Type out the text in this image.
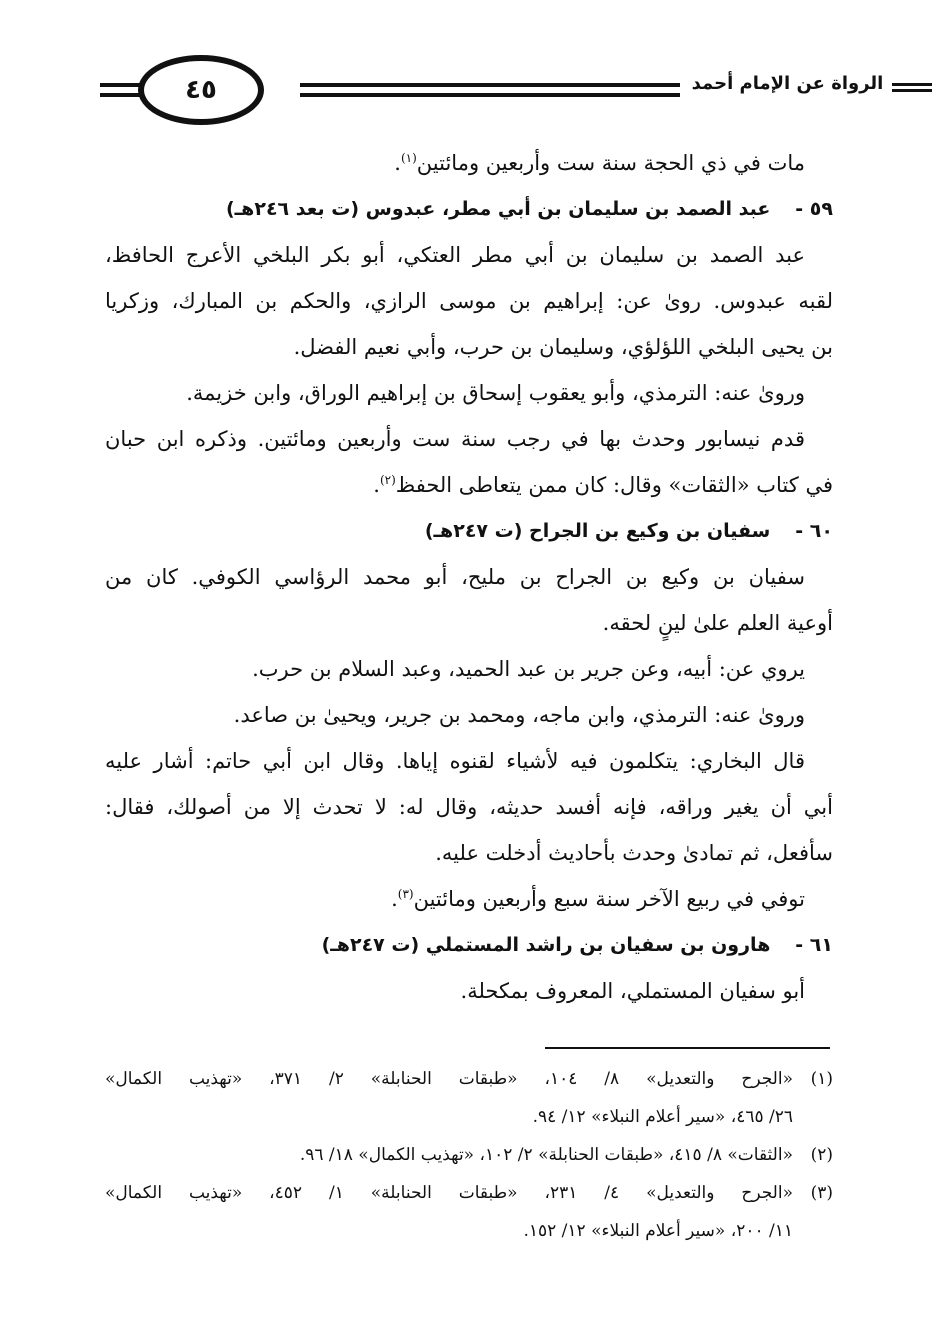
٤٥	الرواة عن الإمام أحمد
مات في ذي الحجة سنة ست وأربعين ومائتين$^{(١)}$.
٥٩ - عبد الصمد بن سليمان بن أبي مطر، عبدوس (ت بعد ٢٤٦هـ)
عبد الصمد بن سليمان بن أبي مطر العتكي، أبو بكر البلخي الأعرج الحافظ،
لقبه عبدوس. روىٰ عن: إبراهيم بن موسى الرازي، والحكم بن المبارك، وزكريا
بن يحيى البلخي اللؤلؤي، وسليمان بن حرب، وأبي نعيم الفضل.
وروىٰ عنه: الترمذي، وأبو يعقوب إسحاق بن إبراهيم الوراق، وابن خزيمة.
قدم نيسابور وحدث بها في رجب سنة ست وأربعين ومائتين. وذكره ابن حبان
في كتاب «الثقات» وقال: كان ممن يتعاطى الحفظ$^{(٢)}$.
٦٠ - سفيان بن وكيع بن الجراح (ت ٢٤٧هـ)
سفيان بن وكيع بن الجراح بن مليح، أبو محمد الرؤاسي الكوفي. كان من
أوعية العلم علىٰ لينٍ لحقه.
يروي عن: أبيه، وعن جرير بن عبد الحميد، وعبد السلام بن حرب.
وروىٰ عنه: الترمذي، وابن ماجه، ومحمد بن جرير، ويحيىٰ بن صاعد.
قال البخاري: يتكلمون فيه لأشياء لقنوه إياها. وقال ابن أبي حاتم: أشار عليه
أبي أن يغير وراقه، فإنه أفسد حديثه، وقال له: لا تحدث إلا من أصولك، فقال:
سأفعل، ثم تمادىٰ وحدث بأحاديث أدخلت عليه.
توفي في ربيع الآخر سنة سبع وأربعين ومائتين$^{(٣)}$.
٦١ - هارون بن سفيان بن راشد المستملي (ت ٢٤٧هـ)
أبو سفيان المستملي، المعروف بمكحلة.
(١)
«الجرح والتعديل» ٨/ ١٠٤، «طبقات الحنابلة» ٢/ ٣٧١، «تهذيب الكمال»
٢٦/ ٤٦٥، «سير أعلام النبلاء» ١٢/ ٩٤.
(٢)
«الثقات» ٨/ ٤١٥، «طبقات الحنابلة» ٢/ ١٠٢، «تهذيب الكمال» ١٨/ ٩٦.
(٣)
«الجرح والتعديل» ٤/ ٢٣١، «طبقات الحنابلة» ١/ ٤٥٢، «تهذيب الكمال»
١١/ ٢٠٠، «سير أعلام النبلاء» ١٢/ ١٥٢.
